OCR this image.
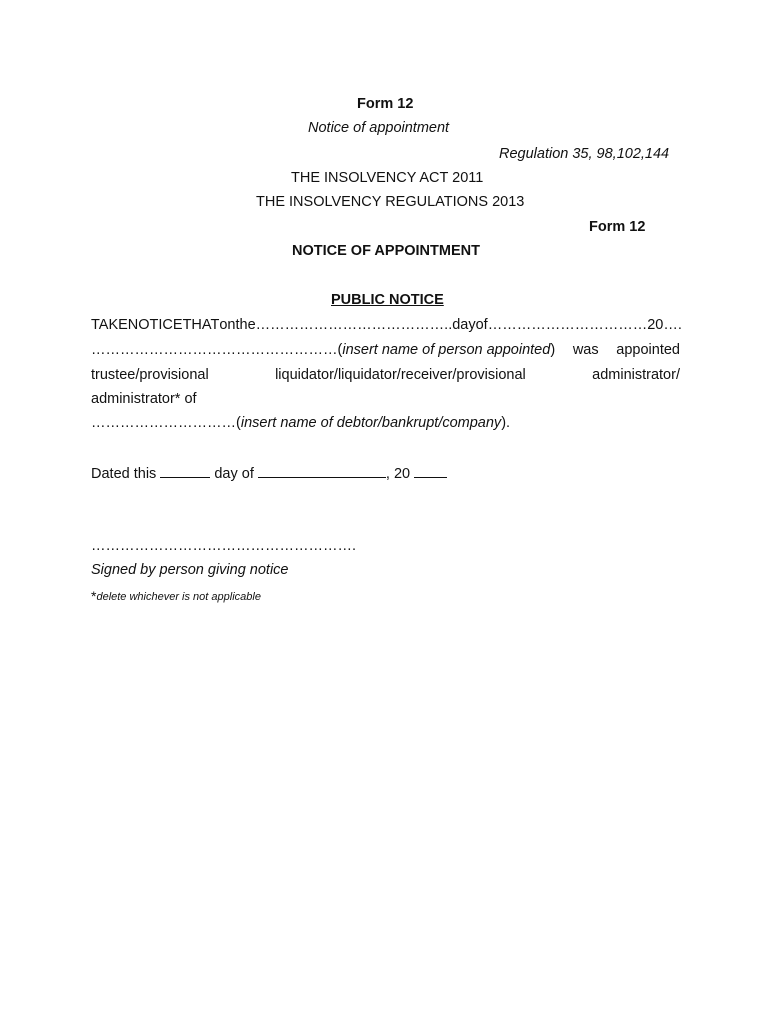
Form 12
Notice of appointment
Regulation 35, 98,102,144
THE INSOLVENCY ACT 2011
THE INSOLVENCY REGULATIONS 2013
Form 12
NOTICE OF APPOINTMENT
PUBLIC NOTICE
TAKE NOTICE THAT on the …………………………………..day of……………………………20….
……………………………………………(insert name of person appointed) was appointed
trustee/provisional	liquidator/liquidator/receiver/provisional	administrator/
administrator* of
…………………………(insert name of debtor/bankrupt/company).
Dated this	day of	, 20
……………………………………………….
Signed by person giving notice
*delete whichever is not applicable
